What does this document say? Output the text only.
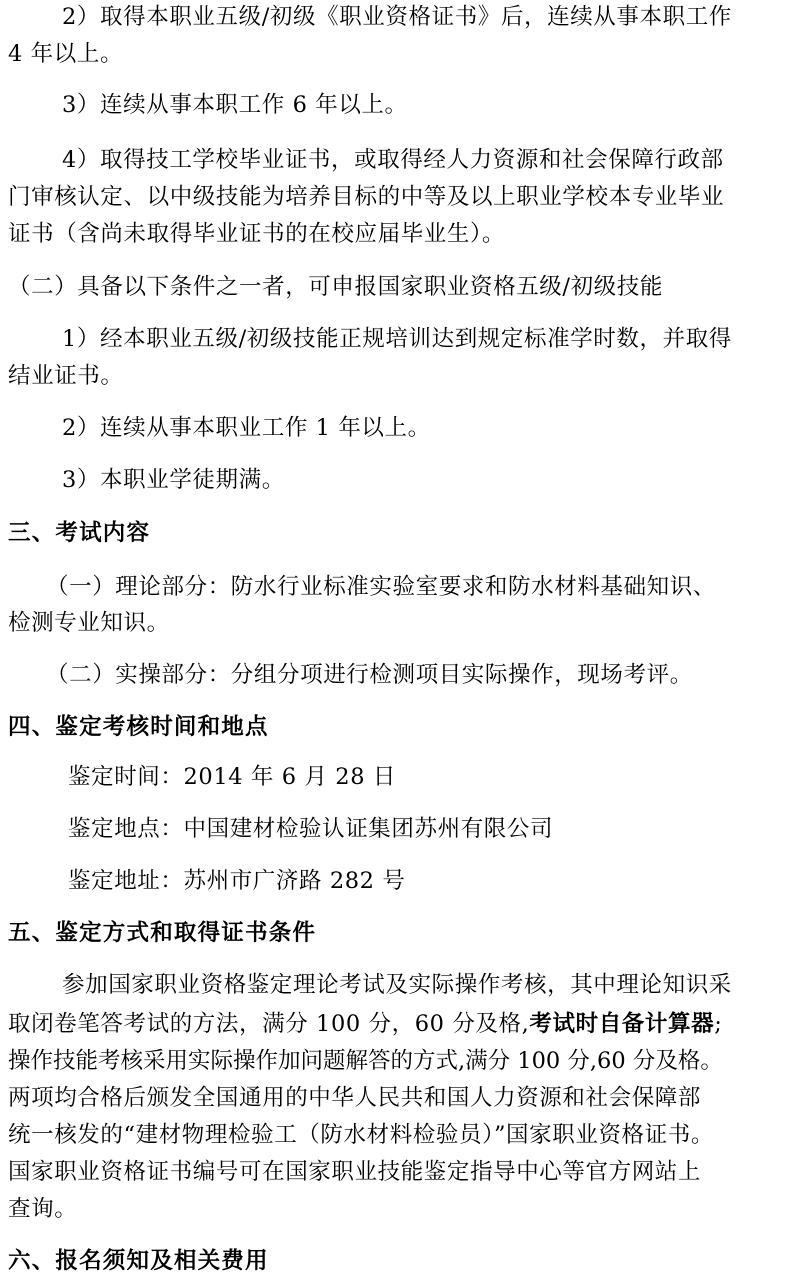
2）取得本职业五级/初级《职业资格证书》后，连续从事本职工作
4 年以上。
3）连续从事本职工作 6 年以上。
4）取得技工学校毕业证书，或取得经人力资源和社会保障行政部
门审核认定、以中级技能为培养目标的中等及以上职业学校本专业毕业
证书（含尚未取得毕业证书的在校应届毕业生）。
（二）具备以下条件之一者，可申报国家职业资格五级/初级技能
1）经本职业五级/初级技能正规培训达到规定标准学时数，并取得
结业证书。
2）连续从事本职业工作 1 年以上。
3）本职业学徒期满。
三、考试内容
（一）理论部分：防水行业标准实验室要求和防水材料基础知识、
检测专业知识。
（二）实操部分：分组分项进行检测项目实际操作，现场考评。
四、鉴定考核时间和地点
鉴定时间：2014 年 6 月 28 日
鉴定地点：中国建材检验认证集团苏州有限公司
鉴定地址：苏州市广济路 282 号
五、鉴定方式和取得证书条件
参加国家职业资格鉴定理论考试及实际操作考核，其中理论知识采
取闭卷笔答考试的方法，满分 100 分，60 分及格,考试时自备计算器;
操作技能考核采用实际操作加问题解答的方式,满分 100 分,60 分及格。
两项均合格后颁发全国通用的中华人民共和国人力资源和社会保障部
统一核发的“建材物理检验工（防水材料检验员）”国家职业资格证书。
国家职业资格证书编号可在国家职业技能鉴定指导中心等官方网站上
查询。
六、报名须知及相关费用
